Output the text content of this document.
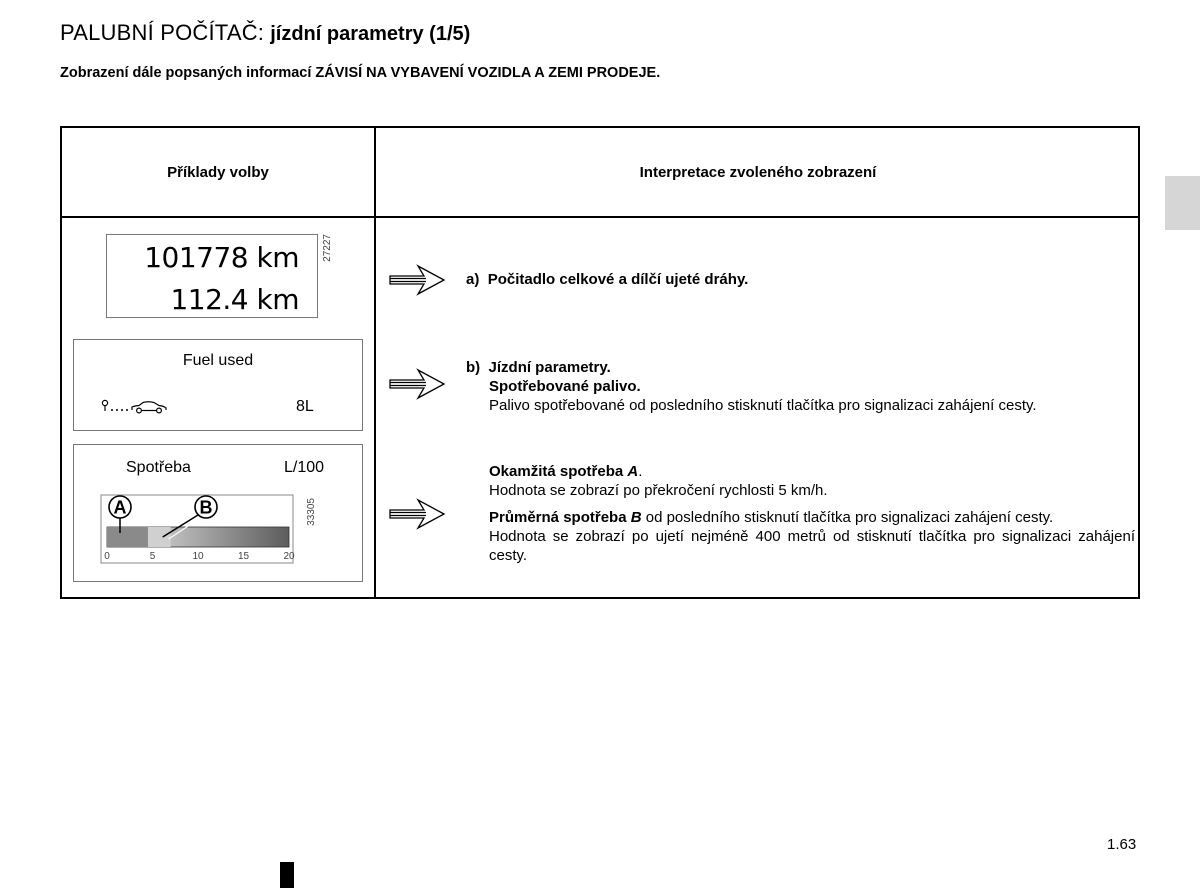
PALUBNÍ POČÍTAČ: jízdní parametry (1/5)
Zobrazení dále popsaných informací ZÁVISÍ NA VYBAVENÍ VOZIDLA A ZEMI PRODEJE.
Příklady volby	Interpretace zvoleného zobrazení
101778 km
112.4 km
27227
Fuel used
8L
Spotřeba	L/100
A	B
0	5	10	15	20
33305
a) Počitadlo celkové a dílčí ujeté dráhy.
b) Jízdní parametry.
Spotřebované palivo.
Palivo spotřebované od posledního stisknutí tlačítka pro signalizaci zahájení cesty.
Okamžitá spotřeba A.
Hodnota se zobrazí po překročení rychlosti 5 km/h.
Průměrná spotřeba B od posledního stisknutí tlačítka pro signalizaci zahájení cesty.
Hodnota se zobrazí po ujetí nejméně 400 metrů od stisknutí tlačítka pro signalizaci zahájení cesty.
1.63
